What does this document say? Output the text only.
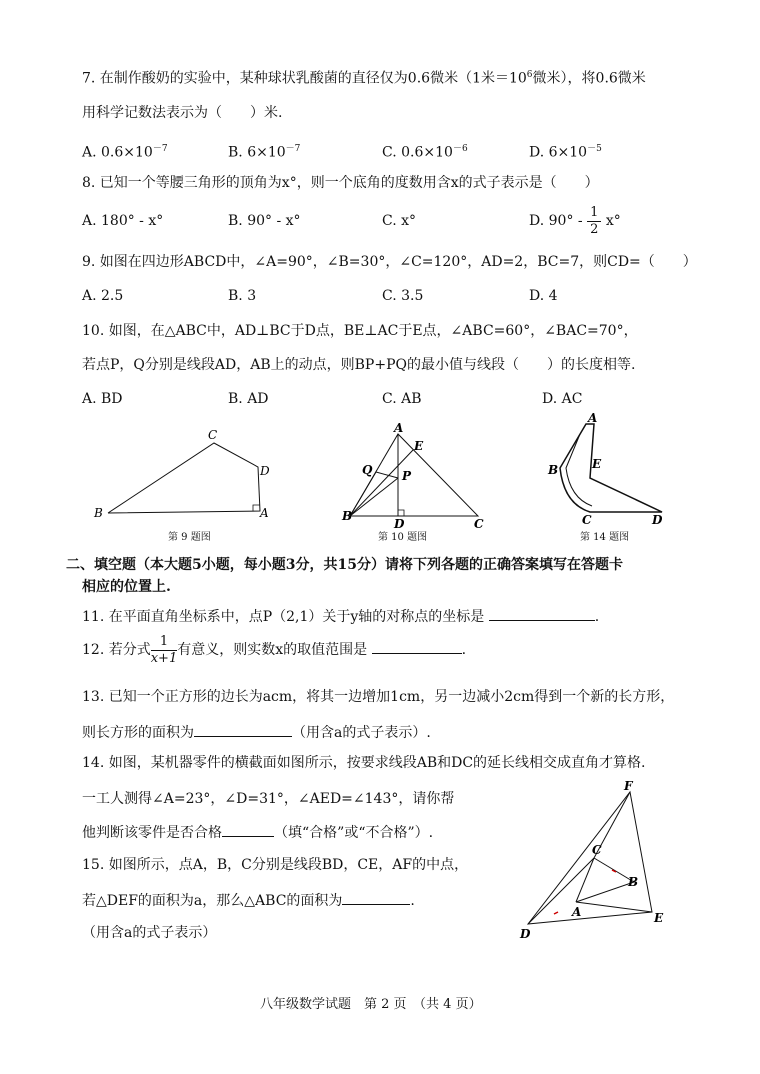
7. 在制作酸奶的实验中，某种球状乳酸菌的直径仅为0.6微米（1米$=10^6$微米），将0.6微米
用科学记数法表示为（　　）米.
A. $0.6\times 10^{-7}$	B. $6\times 10^{-7}$	C. $0.6\times 10^{-6}$	D. $6\times 10^{-5}$
8. 已知一个等腰三角形的顶角为x°，则一个底角的度数用含x的式子表示是（　　）
A. 180° - x°	B. 90° - x°	C. x°	D. $90^\circ - \frac{1}{2} x^\circ$
9. 如图在四边形ABCD中，∠A=90°，∠B=30°，∠C=120°，AD=2，BC=7，则CD=（　　）
A. 2.5	B. 3	C. 3.5	D. 4
10. 如图，在△ABC中，AD⊥BC于D点，BE⊥AC于E点，∠ABC=60°，∠BAC=70°，
若点P，Q分别是线段AD，AB上的动点，则BP+PQ的最小值与线段（　　）的长度相等.
A. BD	B. AD	C. AB	D. AC
B
C
D
A
第 9 题图
A
E
Q P
B
D	C
第 10 题图
A
B	E
C	D
第 14 题图
二、填空题（本大题5小题，每小题3分，共15分）请将下列各题的正确答案填写在答题卡
相应的位置上.
11. 在平面直角坐标系中，点P（2,1）关于y轴的对称点的坐标是	.
12. 若分式 $\frac{1}{x+1}$ 有意义，则实数x的取值范围是	.
13. 已知一个正方形的边长为acm，将其一边增加1cm，另一边减小2cm得到一个新的长方形，
则长方形的面积为	（用含a的式子表示）.
14. 如图，某机器零件的横截面如图所示，按要求线段AB和DC的延长线相交成直角才算格.
一工人测得∠A=23°，∠D=31°，∠AED=∠143°，请你帮
他判断该零件是否合格	（填“合格”或“不合格”）.
15. 如图所示，点A，B，C分别是线段BD，CE，AF的中点，
若△DEF的面积为a，那么△ABC的面积为	.
（用含a的式子表示）
F
C
B
A	E
D
八年级数学试题　第 2 页　（共 4 页）
